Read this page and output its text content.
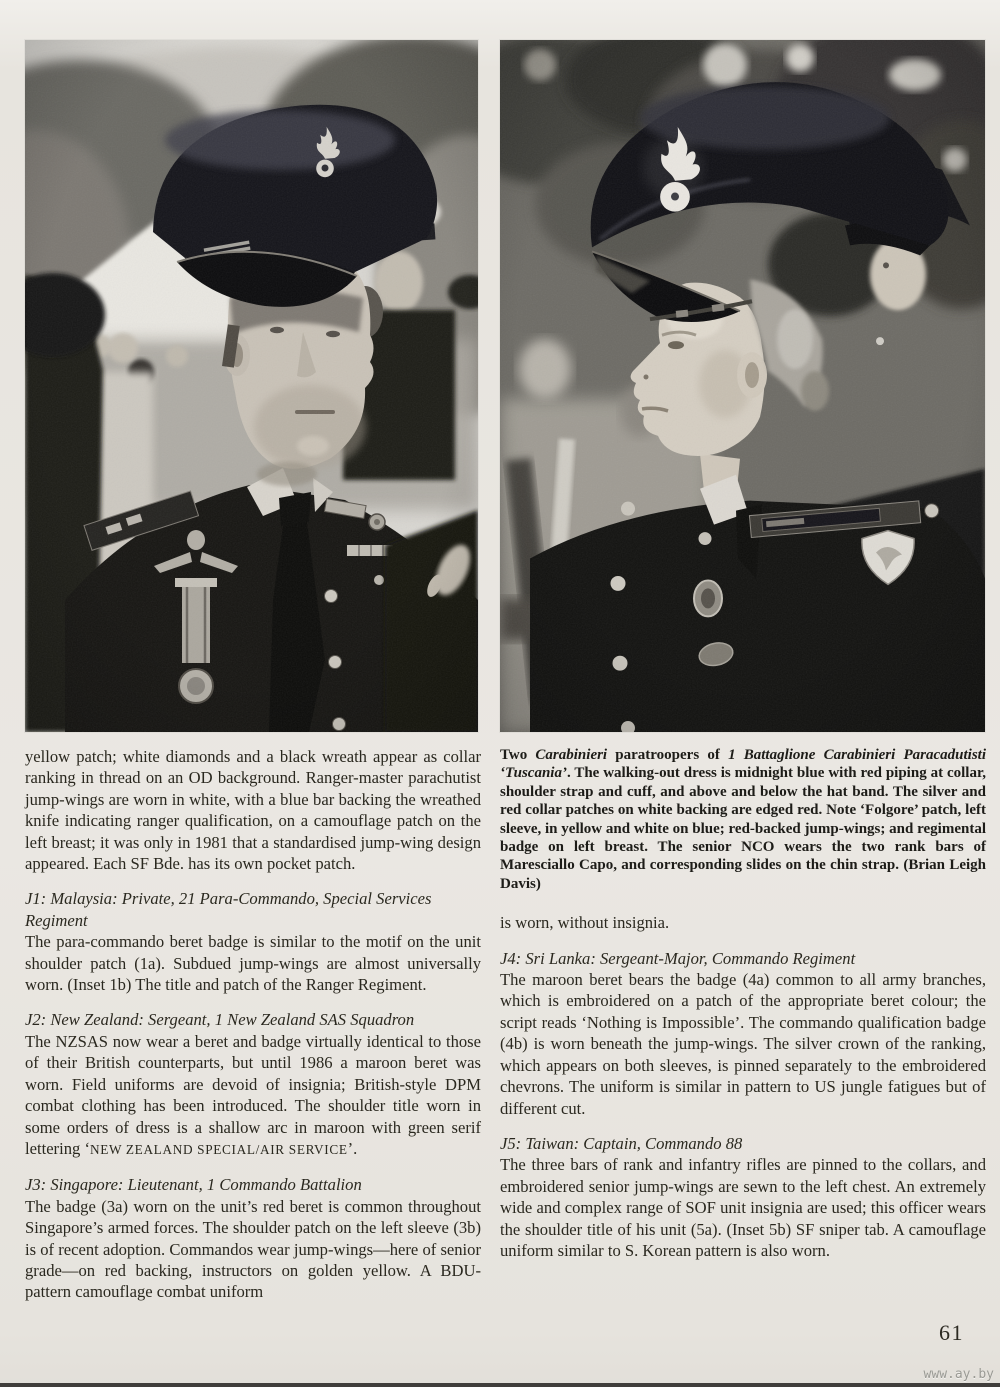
yellow patch; white diamonds and a black wreath appear as collar ranking in thread on an OD background. Ranger-master parachutist jump-wings are worn in white, with a blue bar backing the wreathed knife indicating ranger qualification, on a camouflage patch on the left breast; it was only in 1981 that a standardised jump-wing design appeared. Each SF Bde. has its own pocket patch.

J1: Malaysia: Private, 21 Para-Commando, Special Services Regiment

The para-commando beret badge is similar to the motif on the unit shoulder patch (1a). Subdued jump-wings are almost universally worn. (Inset 1b) The title and patch of the Ranger Regiment.

J2: New Zealand: Sergeant, 1 New Zealand SAS Squadron

The NZSAS now wear a beret and badge virtually identical to those of their British counterparts, but until 1986 a maroon beret was worn. Field uniforms are devoid of insignia; British-style DPM combat clothing has been introduced. The shoulder title worn in some orders of dress is a shallow arc in maroon with green serif lettering ‘NEW ZEALAND SPECIAL/AIR SERVICE’.

J3: Singapore: Lieutenant, 1 Commando Battalion

The badge (3a) worn on the unit’s red beret is common throughout Singapore’s armed forces. The shoulder patch on the left sleeve (3b) is of recent adoption. Commandos wear jump-wings—here of senior grade—on red backing, instructors on golden yellow. A BDU-pattern camouflage combat uniform

Two Carabinieri paratroopers of 1 Battaglione Carabinieri Paracadutisti ‘Tuscania’. The walking-out dress is midnight blue with red piping at collar, shoulder strap and cuff, and above and below the hat band. The silver and red collar patches on white backing are edged red. Note ‘Folgore’ patch, left sleeve, in yellow and white on blue; red-backed jump-wings; and regimental badge on left breast. The senior NCO wears the two rank bars of Maresciallo Capo, and corresponding slides on the chin strap. (Brian Leigh Davis)

is worn, without insignia.

J4: Sri Lanka: Sergeant-Major, Commando Regiment

The maroon beret bears the badge (4a) common to all army branches, which is embroidered on a patch of the appropriate beret colour; the script reads ‘Nothing is Impossible’. The commando qualification badge (4b) is worn beneath the jump-wings. The silver crown of the ranking, which appears on both sleeves, is pinned separately to the embroidered chevrons. The uniform is similar in pattern to US jungle fatigues but of different cut.

J5: Taiwan: Captain, Commando 88

The three bars of rank and infantry rifles are pinned to the collars, and embroidered senior jump-wings are sewn to the left chest. An extremely wide and complex range of SOF unit insignia are used; this officer wears the shoulder title of his unit (5a). (Inset 5b) SF sniper tab. A camouflage uniform similar to S. Korean pattern is also worn.

61
www.ay.by
